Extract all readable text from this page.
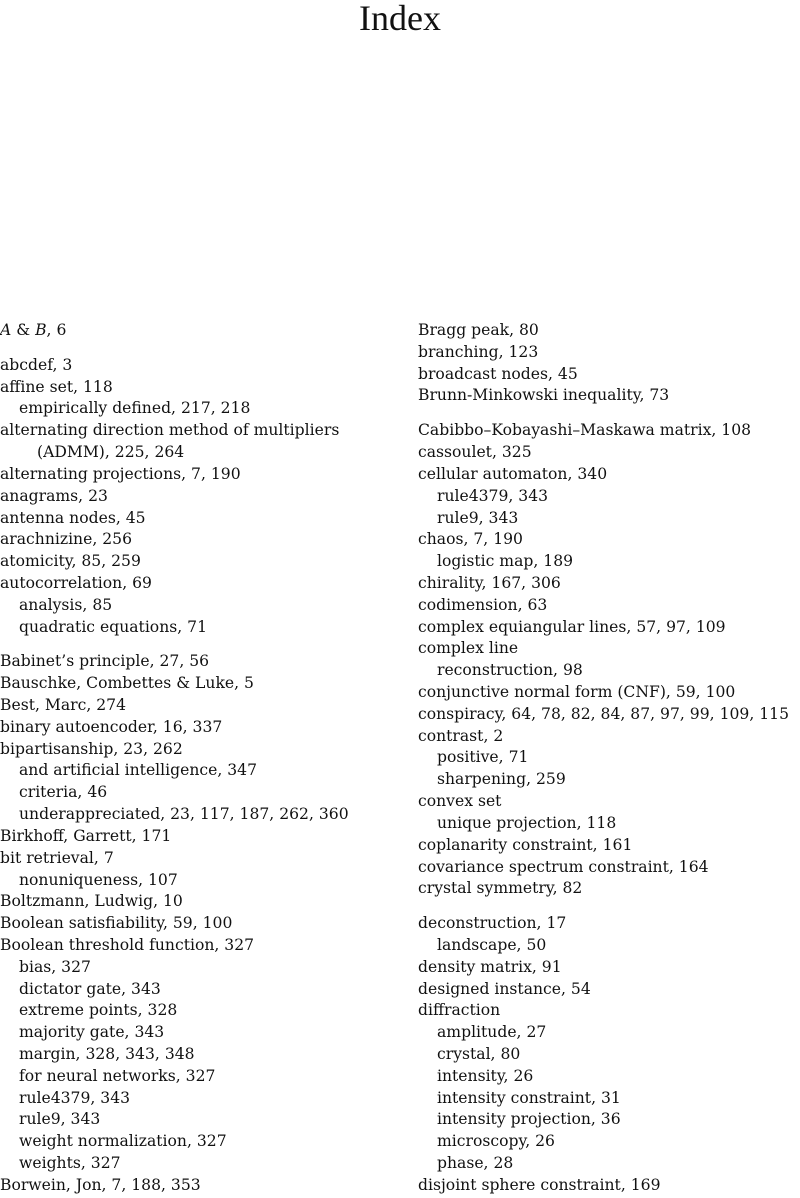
Index
A & B, 6
abcdef, 3
affine set, 118
empirically defined, 217, 218
alternating direction method of multipliers
(ADMM), 225, 264
alternating projections, 7, 190
anagrams, 23
antenna nodes, 45
arachnizine, 256
atomicity, 85, 259
autocorrelation, 69
analysis, 85
quadratic equations, 71
Babinet’s principle, 27, 56
Bauschke, Combettes & Luke, 5
Best, Marc, 274
binary autoencoder, 16, 337
bipartisanship, 23, 262
and artificial intelligence, 347
criteria, 46
underappreciated, 23, 117, 187, 262, 360
Birkhoff, Garrett, 171
bit retrieval, 7
nonuniqueness, 107
Boltzmann, Ludwig, 10
Boolean satisfiability, 59, 100
Boolean threshold function, 327
bias, 327
dictator gate, 343
extreme points, 328
majority gate, 343
margin, 328, 343, 348
for neural networks, 327
rule4379, 343
rule9, 343
weight normalization, 327
weights, 327
Borwein, Jon, 7, 188, 353
Bragg peak, 80
branching, 123
broadcast nodes, 45
Brunn-Minkowski inequality, 73
Cabibbo–Kobayashi–Maskawa matrix, 108
cassoulet, 325
cellular automaton, 340
rule4379, 343
rule9, 343
chaos, 7, 190
logistic map, 189
chirality, 167, 306
codimension, 63
complex equiangular lines, 57, 97, 109
complex line
reconstruction, 98
conjunctive normal form (CNF), 59, 100
conspiracy, 64, 78, 82, 84, 87, 97, 99, 109, 115
contrast, 2
positive, 71
sharpening, 259
convex set
unique projection, 118
coplanarity constraint, 161
covariance spectrum constraint, 164
crystal symmetry, 82
deconstruction, 17
landscape, 50
density matrix, 91
designed instance, 54
diffraction
amplitude, 27
crystal, 80
intensity, 26
intensity constraint, 31
intensity projection, 36
microscopy, 26
phase, 28
disjoint sphere constraint, 169
